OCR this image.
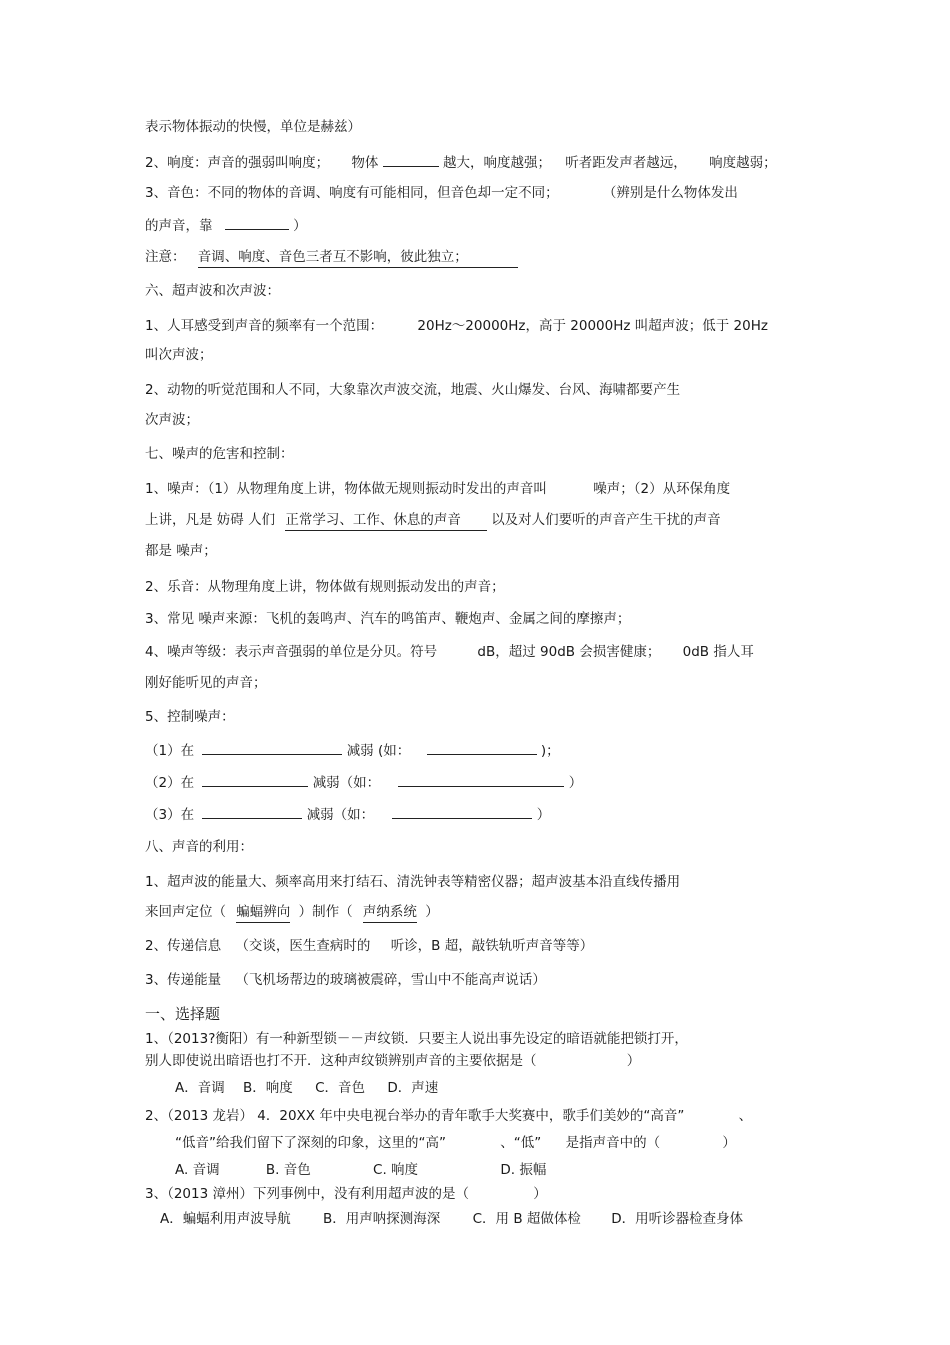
表示物体振动的快慢，单位是赫兹）
2、响度：声音的强弱叫响度； 物体	越大，响度越强； 听者距发声者越远， 响度越弱；
3、音色：不同的物体的音调、响度有可能相同，但音色却一定不同；	（辨别是什么物体发出
的声音，靠	）
注意： 音调、响度、音色三者互不影响，彼此独立；
六、超声波和次声波：
1、人耳感受到声音的频率有一个范围：	20Hz～20000Hz，高于 20000Hz 叫超声波；低于 20Hz
叫次声波；
2、动物的听觉范围和人不同，大象靠次声波交流，地震、火山爆发、台风、海啸都要产生
次声波；
七、噪声的危害和控制：
1、噪声：（1）从物理角度上讲，物体做无规则振动时发出的声音叫	噪声；（2）从环保角度
上讲，凡是 妨碍 人们 正常学习、工作、休息的声音 以及对人们要听的声音产生干扰的声音
都是 噪声；
2、乐音：从物理角度上讲，物体做有规则振动发出的声音；
3、常见 噪声来源：飞机的轰鸣声、汽车的鸣笛声、鞭炮声、金属之间的摩擦声；
4、噪声等级：表示声音强弱的单位是分贝。符号	dB，超过 90dB 会损害健康； 0dB 指人耳
刚好能听见的声音；
5、控制噪声：
（1）在	减弱 (如：	)；
（2）在	减弱（如：	）
（3）在	减弱（如：	）
八、声音的利用：
1、超声波的能量大、频率高用来打结石、清洗钟表等精密仪器；超声波基本沿直线传播用
来回声定位（ 蝙蝠辨向 ）制作（ 声纳系统 ）
2、传递信息 （交谈，医生查病时的 听诊，B 超，敲铁轨听声音等等）
3、传递能量 （飞机场帮边的玻璃被震碎，雪山中不能高声说话）
一、选择题
1、（2013?衡阳）有一种新型锁－－声纹锁．只要主人说出事先设定的暗语就能把锁打开，
别人即使说出暗语也打不开．这种声纹锁辨别声音的主要依据是（	）
A．音调 B．响度 C．音色 D．声速
2、（2013 龙岩） 4．20XX 年中央电视台举办的青年歌手大奖赛中，歌手们美妙的“高音”	、
“低音”给我们留下了深刻的印象，这里的“高”	、“低” 是指声音中的（	）
A. 音调	B. 音色	C. 响度	D. 振幅
3、（2013 漳州）下列事例中，没有利用超声波的是（	）
A．蝙蝠利用声波导航 B．用声呐探测海深 C．用 B 超做体检 D．用听诊器检查身体
